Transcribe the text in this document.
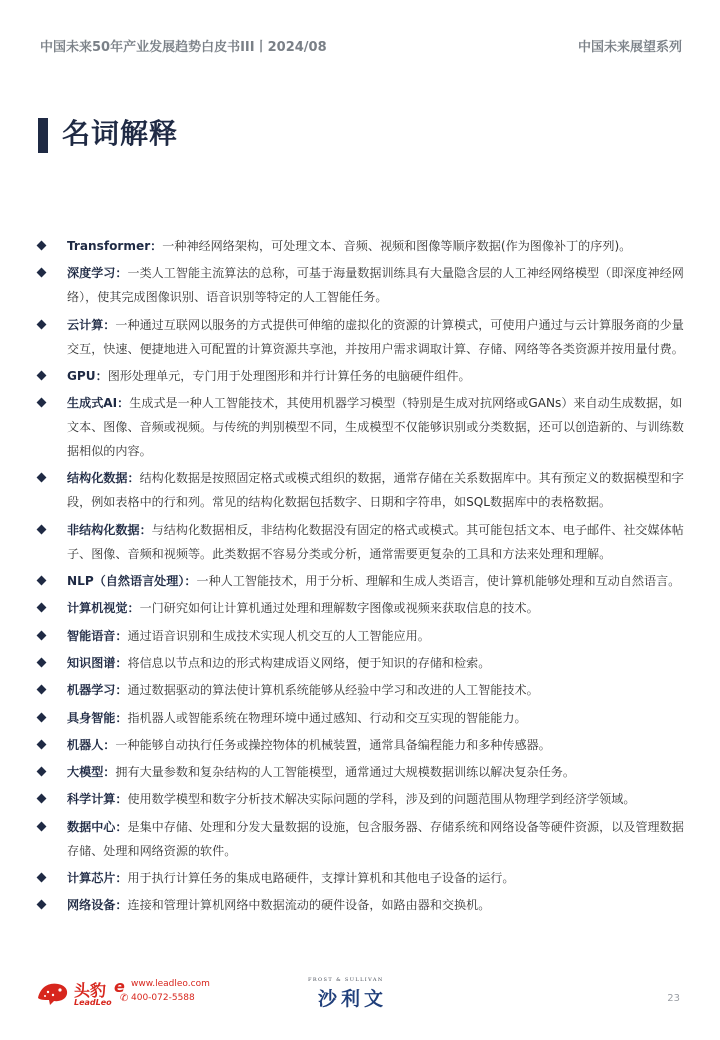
中国未来50年产业发展趋势白皮书III丨2024/08	中国未来展望系列
名词解释
Transformer：一种神经网络架构，可处理文本、音频、视频和图像等顺序数据(作为图像补丁的序列)。
深度学习：一类人工智能主流算法的总称，可基于海量数据训练具有大量隐含层的人工神经网络模型（即深度神经网络），使其完成图像识别、语音识别等特定的人工智能任务。
云计算：一种通过互联网以服务的方式提供可伸缩的虚拟化的资源的计算模式，可使用户通过与云计算服务商的少量交互，快速、便捷地进入可配置的计算资源共享池，并按用户需求调取计算、存储、网络等各类资源并按用量付费。
GPU：图形处理单元，专门用于处理图形和并行计算任务的电脑硬件组件。
生成式AI：生成式是一种人工智能技术，其使用机器学习模型（特别是生成对抗网络或GANs）来自动生成数据，如文本、图像、音频或视频。与传统的判别模型不同，生成模型不仅能够识别或分类数据，还可以创造新的、与训练数据相似的内容。
结构化数据：结构化数据是按照固定格式或模式组织的数据，通常存储在关系数据库中。其有预定义的数据模型和字段，例如表格中的行和列。常见的结构化数据包括数字、日期和字符串，如SQL数据库中的表格数据。
非结构化数据：与结构化数据相反，非结构化数据没有固定的格式或模式。其可能包括文本、电子邮件、社交媒体帖子、图像、音频和视频等。此类数据不容易分类或分析，通常需要更复杂的工具和方法来处理和理解。
NLP（自然语言处理）：一种人工智能技术，用于分析、理解和生成人类语言，使计算机能够处理和互动自然语言。
计算机视觉：一门研究如何让计算机通过处理和理解数字图像或视频来获取信息的技术。
智能语音：通过语音识别和生成技术实现人机交互的人工智能应用。
知识图谱：将信息以节点和边的形式构建成语义网络，便于知识的存储和检索。
机器学习：通过数据驱动的算法使计算机系统能够从经验中学习和改进的人工智能技术。
具身智能：指机器人或智能系统在物理环境中通过感知、行动和交互实现的智能能力。
机器人：一种能够自动执行任务或操控物体的机械装置，通常具备编程能力和多种传感器。
大模型：拥有大量参数和复杂结构的人工智能模型，通常通过大规模数据训练以解决复杂任务。
科学计算：使用数学模型和数字分析技术解决实际问题的学科，涉及到的问题范围从物理学到经济学领域。
数据中心：是集中存储、处理和分发大量数据的设施，包含服务器、存储系统和网络设备等硬件资源，以及管理数据存储、处理和网络资源的软件。
计算芯片：用于执行计算任务的集成电路硬件，支撑计算机和其他电子设备的运行。
网络设备：连接和管理计算机网络中数据流动的硬件设备，如路由器和交换机。
头豹
LeadLeo
e www.leadleo.com
✆ 400-072-5588
FROST & SULLIVAN
沙利文	23
